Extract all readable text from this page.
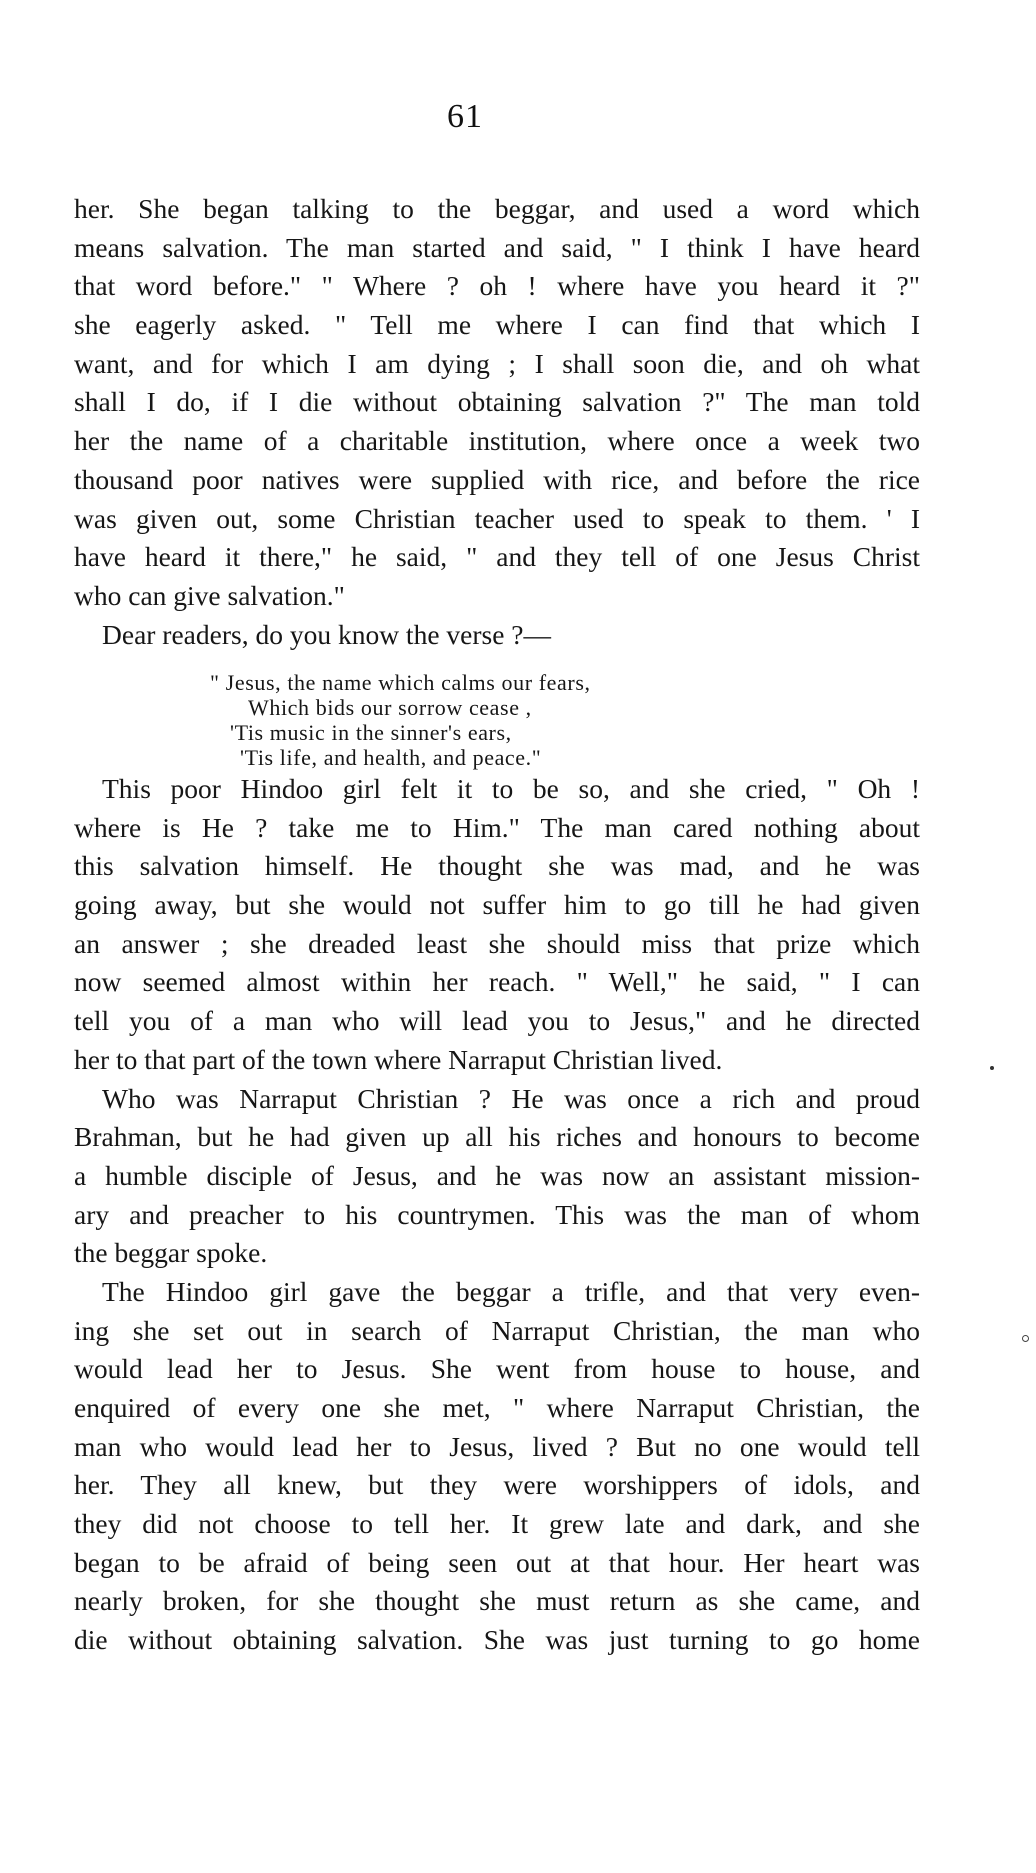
61
her. She began talking to the beggar, and used a word which
means salvation. The man started and said, " I think I have heard
that word before." " Where ? oh ! where have you heard it ?"
she eagerly asked. " Tell me where I can find that which I
want, and for which I am dying ; I shall soon die, and oh what
shall I do, if I die without obtaining salvation ?" The man told
her the name of a charitable institution, where once a week two
thousand poor natives were supplied with rice, and before the rice
was given out, some Christian teacher used to speak to them. ' I
have heard it there," he said, " and they tell of one Jesus Christ
who can give salvation."
Dear readers, do you know the verse ?—
" Jesus, the name which calms our fears,
Which bids our sorrow cease ,
'Tis music in the sinner's ears,
'Tis life, and health, and peace."
This poor Hindoo girl felt it to be so, and she cried, " Oh !
where is He ? take me to Him." The man cared nothing about
this salvation himself. He thought she was mad, and he was
going away, but she would not suffer him to go till he had given
an answer ; she dreaded least she should miss that prize which
now seemed almost within her reach. " Well," he said, " I can
tell you of a man who will lead you to Jesus," and he directed
her to that part of the town where Narraput Christian lived.
Who was Narraput Christian ? He was once a rich and proud
Brahman, but he had given up all his riches and honours to become
a humble disciple of Jesus, and he was now an assistant mission-
ary and preacher to his countrymen. This was the man of whom
the beggar spoke.
The Hindoo girl gave the beggar a trifle, and that very even-
ing she set out in search of Narraput Christian, the man who
would lead her to Jesus. She went from house to house, and
enquired of every one she met, " where Narraput Christian, the
man who would lead her to Jesus, lived ? But no one would tell
her. They all knew, but they were worshippers of idols, and
they did not choose to tell her. It grew late and dark, and she
began to be afraid of being seen out at that hour. Her heart was
nearly broken, for she thought she must return as she came, and
die without obtaining salvation. She was just turning to go home
